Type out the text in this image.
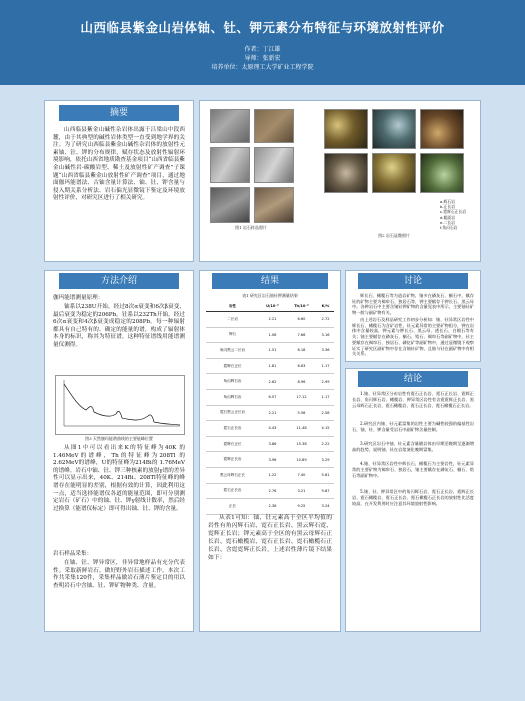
山西临县紫金山岩体铀、钍、钾元素分布特征与环境放射性评价
作者：丁江雄
导师：张新宏
培养单位：太原理工大学矿业工程学院
摘要
山西临县紫金山碱性杂岩体出露于吕梁山中段西麓，由于其典型的碱性岩体类型一直受到地学界的关注。为了研究山西临县紫金山碱性杂岩体的放射性元素铀、钍、钾的分布规律，赋存状态及放射性辐射环境影响，依托山西省地质勘查基金项目“山西省临县紫金山碱性岩-碳酸岩型、稀土及放射性矿产调查”子课题“山西省临县紫金山放射性矿产调查”项目，通过地面伽玛能谱法、古铀含量计算法、铀、钍、钾含量与侵入期关系分析法、岩石偏光显微镜下鉴定及环境放射性评价，对研究区进行了相关研究。
图1 岩石样品照片
a.辉石岩
b.正长岩
c.霓辉石正长岩
d.粗面岩
e.二长岩
f.角闪石岩
图2 岩石显微照片
方法介绍
伽玛能谱测量原理：
铀系以238U开始，经过8次α衰变和6次β衰变，最后衰变为稳定的206Pb。钍系以232Th开始，经过6次α衰变和4次β衰变成稳定的208Pb。每一种辐射都具有自己特有的、确定的能量的谱，构成了辐射体本身的标识，称其为特征谱，这种特征谱线用能谱测量仪测得。
图3 天然伽玛能谱曲线的主要能峰位置
从图1中可以看出来K的特征峰为40K 的1.46MeV的谱峰，Th的特征峰为208Tl 的2.62MeV的谱峰，U的特征峰为214Bi的 1.76MeV的谱峰。岩石中铀、钍、钾三种核素的放射γ谱的差异性可以显示出来，40K、214Bi、208Tl特征峰的峰谱存在能明显的差别，根据有效的计算，因此利用这一点，适当选择能谱仪各道的能量范围，即可分别测定岩石（矿石）中的铀、钍、钾γ射线计数率，然后经过换算（能谱仪标定）即可得出铀、钍、钾的含量。
岩石样品采集：
在铀、钍、钾异常区，非异常地样品有充分代表性。采取新鲜岩石，做好野外岩石描述工作。本次工作共采集120件，采集样品做岩石薄片鉴定目的用以查明岩石中含铀、钍、钾矿物种类、含量。
结果
表1 研究区岩石铀钍钾测量结果
岩性	U/10⁻⁶	Th/10⁻⁶	K/%
二长岩	2.21	6.60	2.72
辉石	1.06	7.66	3.16
角闪黑云二长岩	1.51	6.18	3.36
霓辉石正长	1.81	6.63	1.17
角闪辉石岩	2.62	8.96	2.99
角闪辉石岩	6.07	17.12	1.17
霓石黑云正长岩	2.21	5.56	2.58
霓石正长岩	4.43	11.48	4.15
霓辉石正长	3.86	15.38	2.22
霓辉正长岩	3.96	10.89	3.29
黑云母辉石正长	1.22	7.40	5.81
霓石正长岩	2.76	3.21	9.87
正长	2.36	9.25	3.24
从表1可知：铀、钍元素高于全区平均值的岩性有角闪辉石岩、霓石正长岩、黑云辉石霓、霓辉正长岩；钾元素高于全区的有黑云母辉石正长岩、霓石橄榄岩、霓石正长岩、霓石橄榄石正长岩、含霓霓辉正长岩，上述岩性薄片镜下结果如下：
讨论
辉长石、橄榄石等为造岩矿物，铀多在磷灰石、榍石中，赋存钍的矿物主要为褐帘石、独居石等，钾主要赋存于钾长石、黑云母中。各种岩石中主要含铀钍钾矿物的含量见表中所示，主要铀钍矿物一般与副矿物有关。
由上述岩石及样品研究工作初步分析知：铀、钍异常区岩性中辉长石、橄榄石为含矿岩性，钍元素异常的主要矿物组分，钾在岩体中含量较高，钾元素与钾长石、黑云母、透长石、白榴石等有关；铀主要赋存在磷灰石、榍石、锆石、褐帘石等副矿物中，钍主要赋存在褐帘石、独居石、磷钇矿等副矿物中，通过显微镜下观察证实了研究区副矿物中存在含铀钍矿物，且铀与钍在副矿物中有相关关系。
结论
1.铀、钍异常区分布岩性有霓石正长岩、霓石正长岩、霓辉正长岩、角闪辉石岩、橄榄岩、钾异常区岩性有含霓霓辉正长岩、黑云母辉石正长岩、霓石橄榄岩、霓石正长岩、霓石橄榄石正长岩。
2.研究区内铀、钍元素富集的岩性主要为碱性较强的偏基性岩石，铀、钍、钾含量受岩石中副矿物含量控制。
3.研究区岩石中铀、钍元素含量随岩体由早期至晚期呈逐渐增高的趋势，说明铀、钍在岩浆演化晚期富集。
4.铀、钍异常区岩性中辉长石、橄榄石为主要岩性，钍元素异常的主要矿物为褐帘石、独居石，铀主要赋存在磷灰石、榍石、锆石等副矿物中。
5.铀、钍、钾异常区中的角闪辉石岩、霓石正长岩、霓辉正长岩、霓石橄榄岩、霓石正长岩、霓石橄榄石正长岩的放射性比活度较高，在开发利用时应注意其环境放射性影响。
